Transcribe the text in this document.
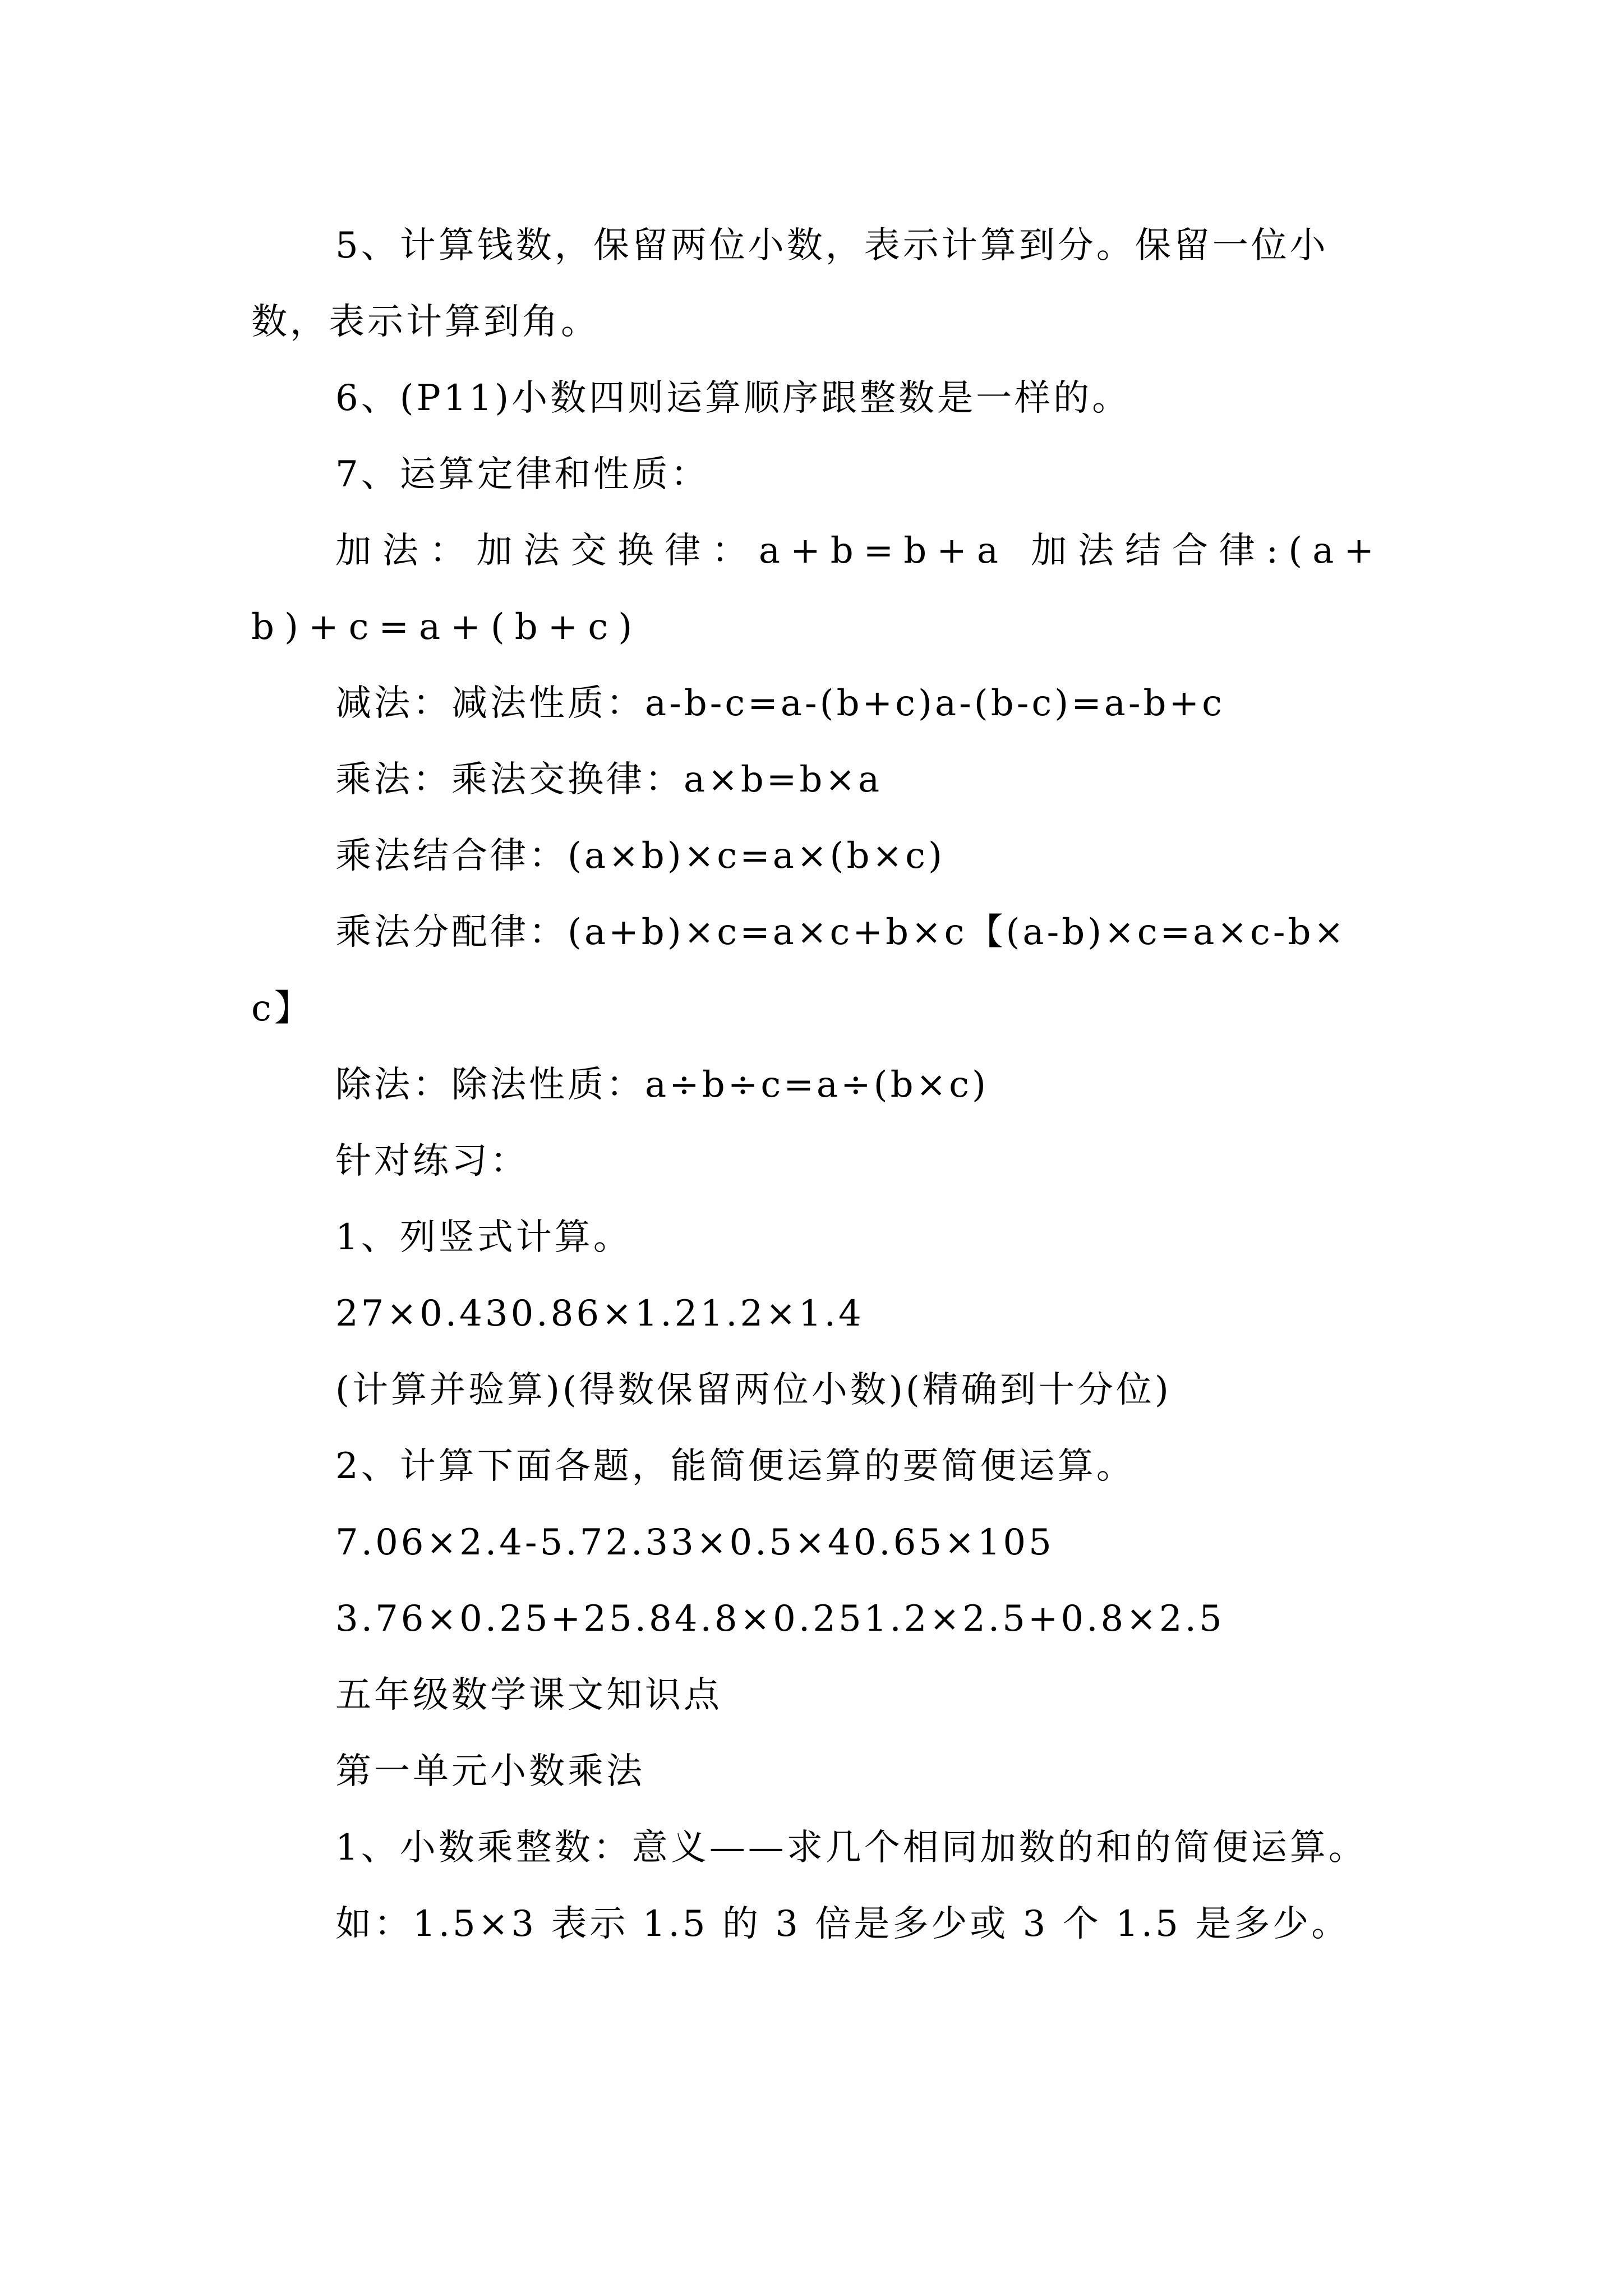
5、计算钱数，保留两位小数，表示计算到分。保留一位小数，表示计算到角。

6、(P11)小数四则运算顺序跟整数是一样的。

7、运算定律和性质：

加法：加法交换律：a+b=b+a 加法结合律:(a+b)+c=a+(b+c)

减法：减法性质：a-b-c=a-(b+c)a-(b-c)=a-b+c

乘法：乘法交换律：a×b=b×a

乘法结合律：(a×b)×c=a×(b×c)

乘法分配律：(a+b)×c=a×c+b×c【(a-b)×c=a×c-b×c】

除法：除法性质：a÷b÷c=a÷(b×c)

针对练习：

1、列竖式计算。

27×0.430.86×1.21.2×1.4

(计算并验算)(得数保留两位小数)(精确到十分位)

2、计算下面各题，能简便运算的要简便运算。

7.06×2.4-5.72.33×0.5×40.65×105

3.76×0.25+25.84.8×0.251.2×2.5+0.8×2.5

五年级数学课文知识点

第一单元小数乘法

1、小数乘整数：意义——求几个相同加数的和的简便运算。

如：1.5×3 表示 1.5 的 3 倍是多少或 3 个 1.5 是多少。
